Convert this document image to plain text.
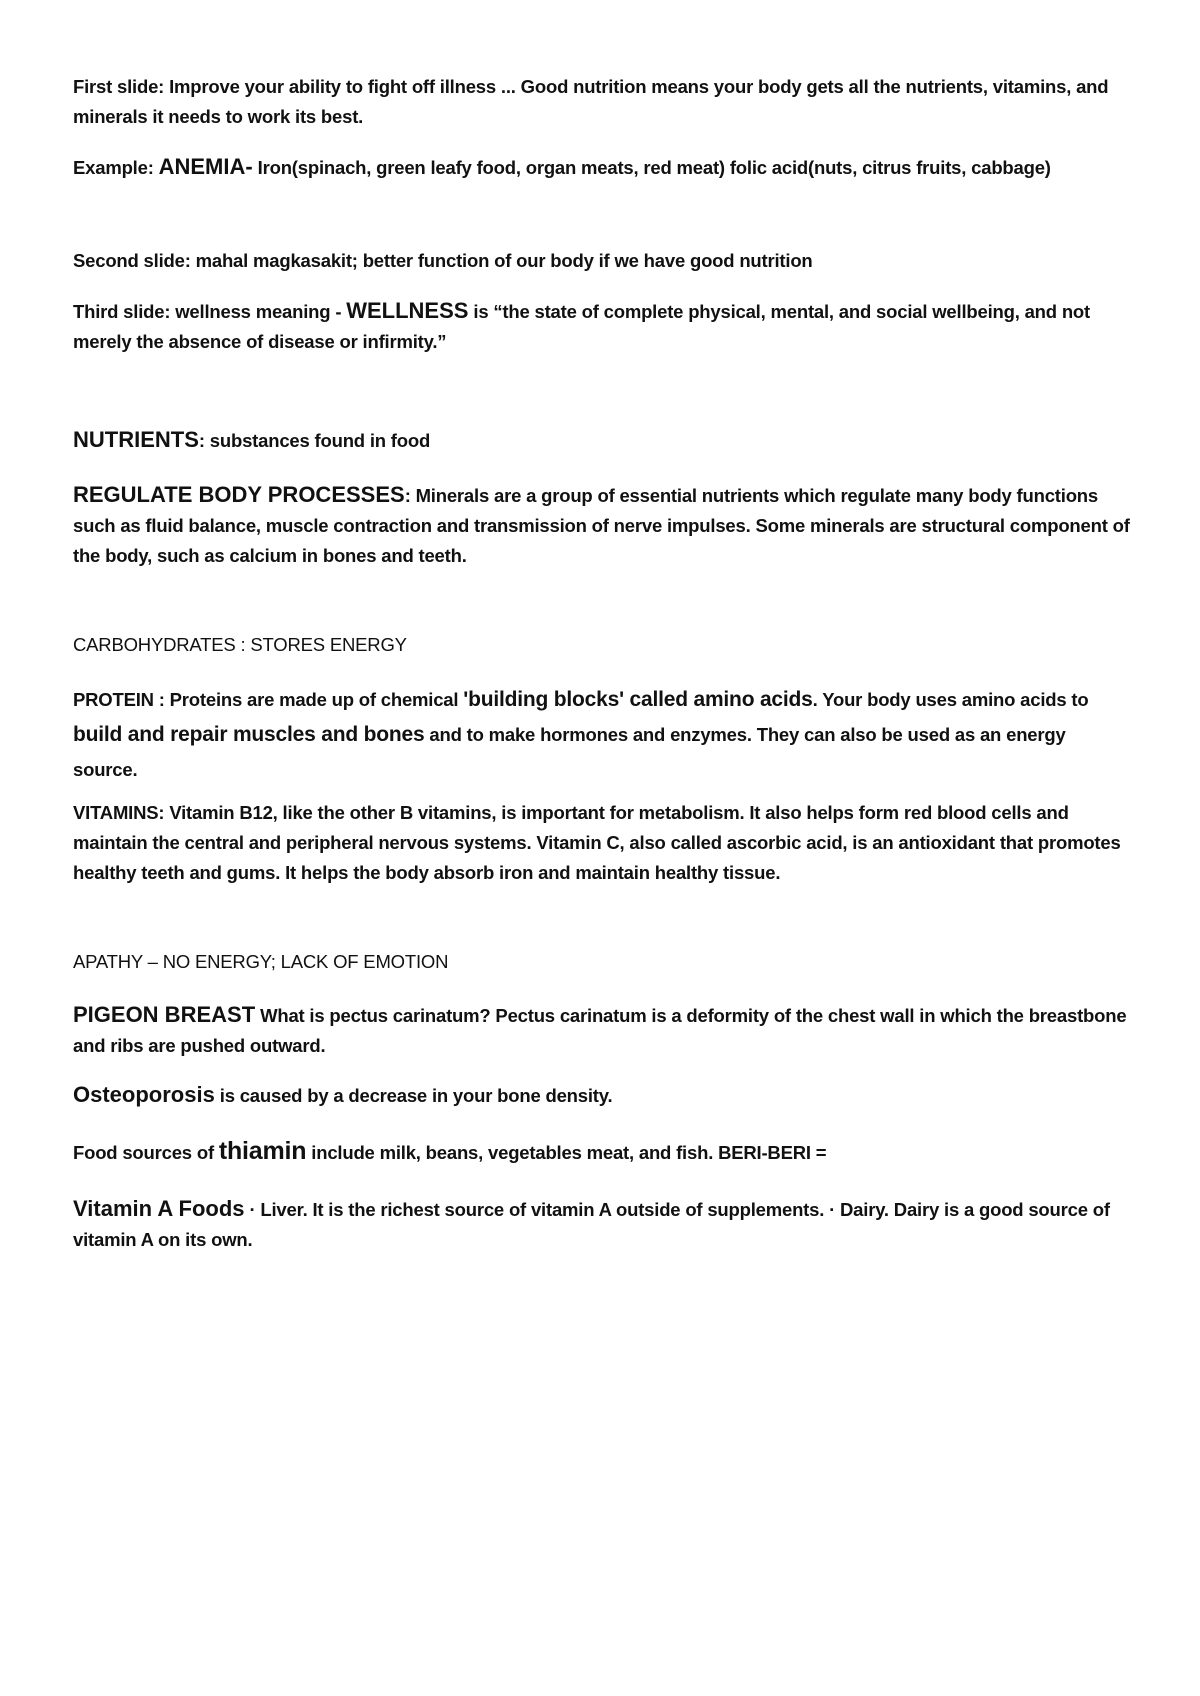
First slide: Improve your ability to fight off illness ... Good nutrition means your body gets all the nutrients, vitamins, and minerals it needs to work its best.

Example: ANEMIA- Iron(spinach, green leafy food, organ meats, red meat) folic acid(nuts, citrus fruits, cabbage)

Second slide: mahal magkasakit; better function of our body if we have good nutrition

Third slide: wellness meaning - WELLNESS is “the state of complete physical, mental, and social wellbeing, and not merely the absence of disease or infirmity.”

NUTRIENTS: substances found in food

REGULATE BODY PROCESSES: Minerals are a group of essential nutrients which regulate many body functions such as fluid balance, muscle contraction and transmission of nerve impulses. Some minerals are structural component of the body, such as calcium in bones and teeth.

CARBOHYDRATES : STORES ENERGY

PROTEIN : Proteins are made up of chemical 'building blocks' called amino acids. Your body uses amino acids to build and repair muscles and bones and to make hormones and enzymes. They can also be used as an energy source.

VITAMINS: Vitamin B12, like the other B vitamins, is important for metabolism. It also helps form red blood cells and maintain the central and peripheral nervous systems. Vitamin C, also called ascorbic acid, is an antioxidant that promotes healthy teeth and gums. It helps the body absorb iron and maintain healthy tissue.

APATHY – NO ENERGY; LACK OF EMOTION

PIGEON BREAST What is pectus carinatum? Pectus carinatum is a deformity of the chest wall in which the breastbone and ribs are pushed outward.

Osteoporosis is caused by a decrease in your bone density.

Food sources of thiamin include milk, beans, vegetables meat, and fish. BERI-BERI =

Vitamin A Foods · Liver. It is the richest source of vitamin A outside of supplements. · Dairy. Dairy is a good source of vitamin A on its own.
